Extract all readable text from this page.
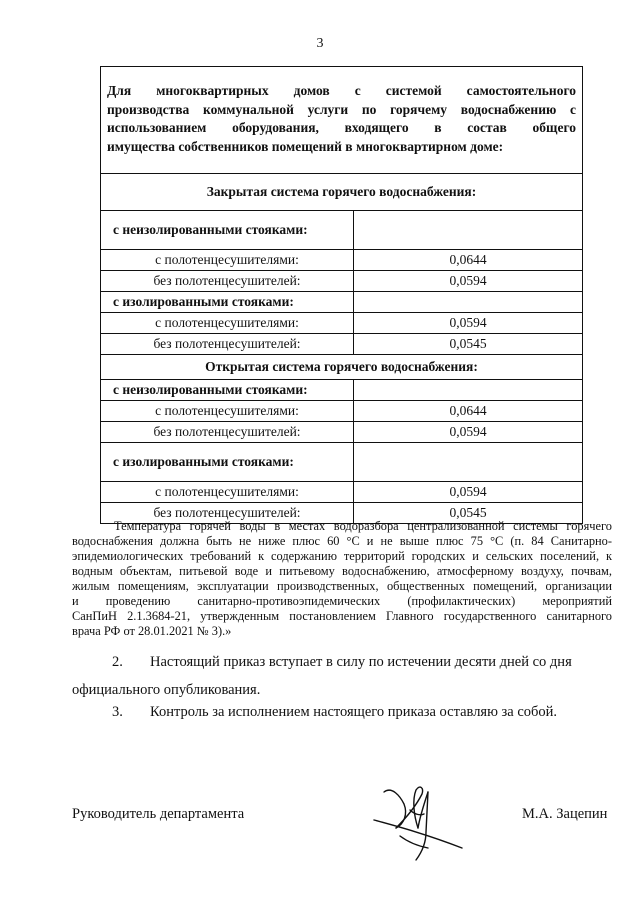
3
Для многоквартирных домов с системой самостоятельного
производства коммунальной услуги по горячему водоснабжению с
использованием оборудования, входящего в состав общего
имущества собственников помещений в многоквартирном доме:	

Закрытая система горячего водоснабжения:	
с неизолированными стояками:	
с полотенцесушителями:	0,0644
без полотенцесушителей:	0,0594
с изолированными стояками:	
с полотенцесушителями:	0,0594
без полотенцесушителей:	0,0545
Открытая система горячего водоснабжения:	
с неизолированными стояками:	
с полотенцесушителями:	0,0644
без полотенцесушителей:	0,0594
с изолированными стояками:	
с полотенцесушителями:	0,0594
без полотенцесушителей:	0,0545

Температура горячей воды в местах водоразбора централизованной системы горячего
водоснабжения должна быть не ниже плюс 60 °С и не выше плюс 75 °С (п. 84 Санитарно-
эпидемиологических требований к содержанию территорий городских и сельских поселений, к
водным объектам, питьевой воде и питьевому водоснабжению, атмосферному воздуху, почвам,
жилым помещениям, эксплуатации производственных, общественных помещений, организации
и проведению санитарно-противоэпидемических (профилактических) мероприятий
СанПиН 2.1.3684-21, утвержденным постановлением Главного государственного санитарного
врача РФ от 28.01.2021 № 3).»

2. Настоящий приказ вступает в силу по истечении десяти дней со дня

официального опубликования.

3. Контроль за исполнением настоящего приказа оставляю за собой.

Руководитель департамента	М.А. Зацепин
